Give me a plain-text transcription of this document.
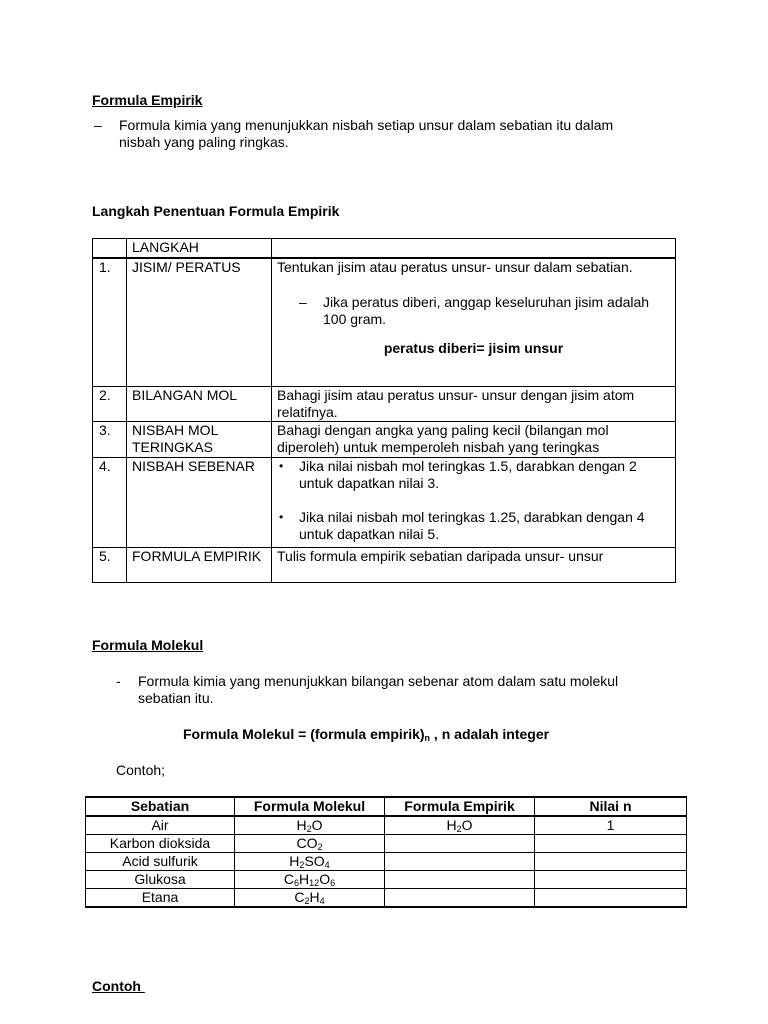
Formula Empirik
– Formula kimia yang menunjukkan nisbah setiap unsur dalam sebatian itu dalam
nisbah yang paling ringkas.
Langkah Penentuan Formula Empirik
	LANGKAH	
1.	JISIM/ PERATUS	Tentukan jisim atau peratus unsur- unsur dalam sebatian.
– Jika peratus diberi, anggap keseluruhan jisim adalah 100 gram.
peratus diberi= jisim unsur

2.	BILANGAN MOL	Bahagi jisim atau peratus unsur- unsur dengan jisim atom relatifnya.
3.	NISBAH MOL TERINGKAS	Bahagi dengan angka yang paling kecil (bilangan mol diperoleh) untuk memperoleh nisbah yang teringkas
4.	NISBAH SEBENAR	• Jika nilai nisbah mol teringkas 1.5, darabkan dengan 2 untuk dapatkan nilai 3.
• Jika nilai nisbah mol teringkas 1.25, darabkan dengan 4 untuk dapatkan nilai 5.

5.	FORMULA EMPIRIK	Tulis formula empirik sebatian daripada unsur- unsur
Formula Molekul
- Formula kimia yang menunjukkan bilangan sebenar atom dalam satu molekul
sebatian itu.
Formula Molekul = (formula $empirik)_n$ , n adalah integer
Contoh;
Sebatian	Formula Molekul	Formula Empirik	Nilai n
Air	$H_2O$	$H_2O$	1
Karbon dioksida	$CO_2$		
Acid sulfurik	$H_2SO_4$		
Glukosa	$C_6H_{12}O_6$		
Etana	$C_2H_4$		
Contoh
